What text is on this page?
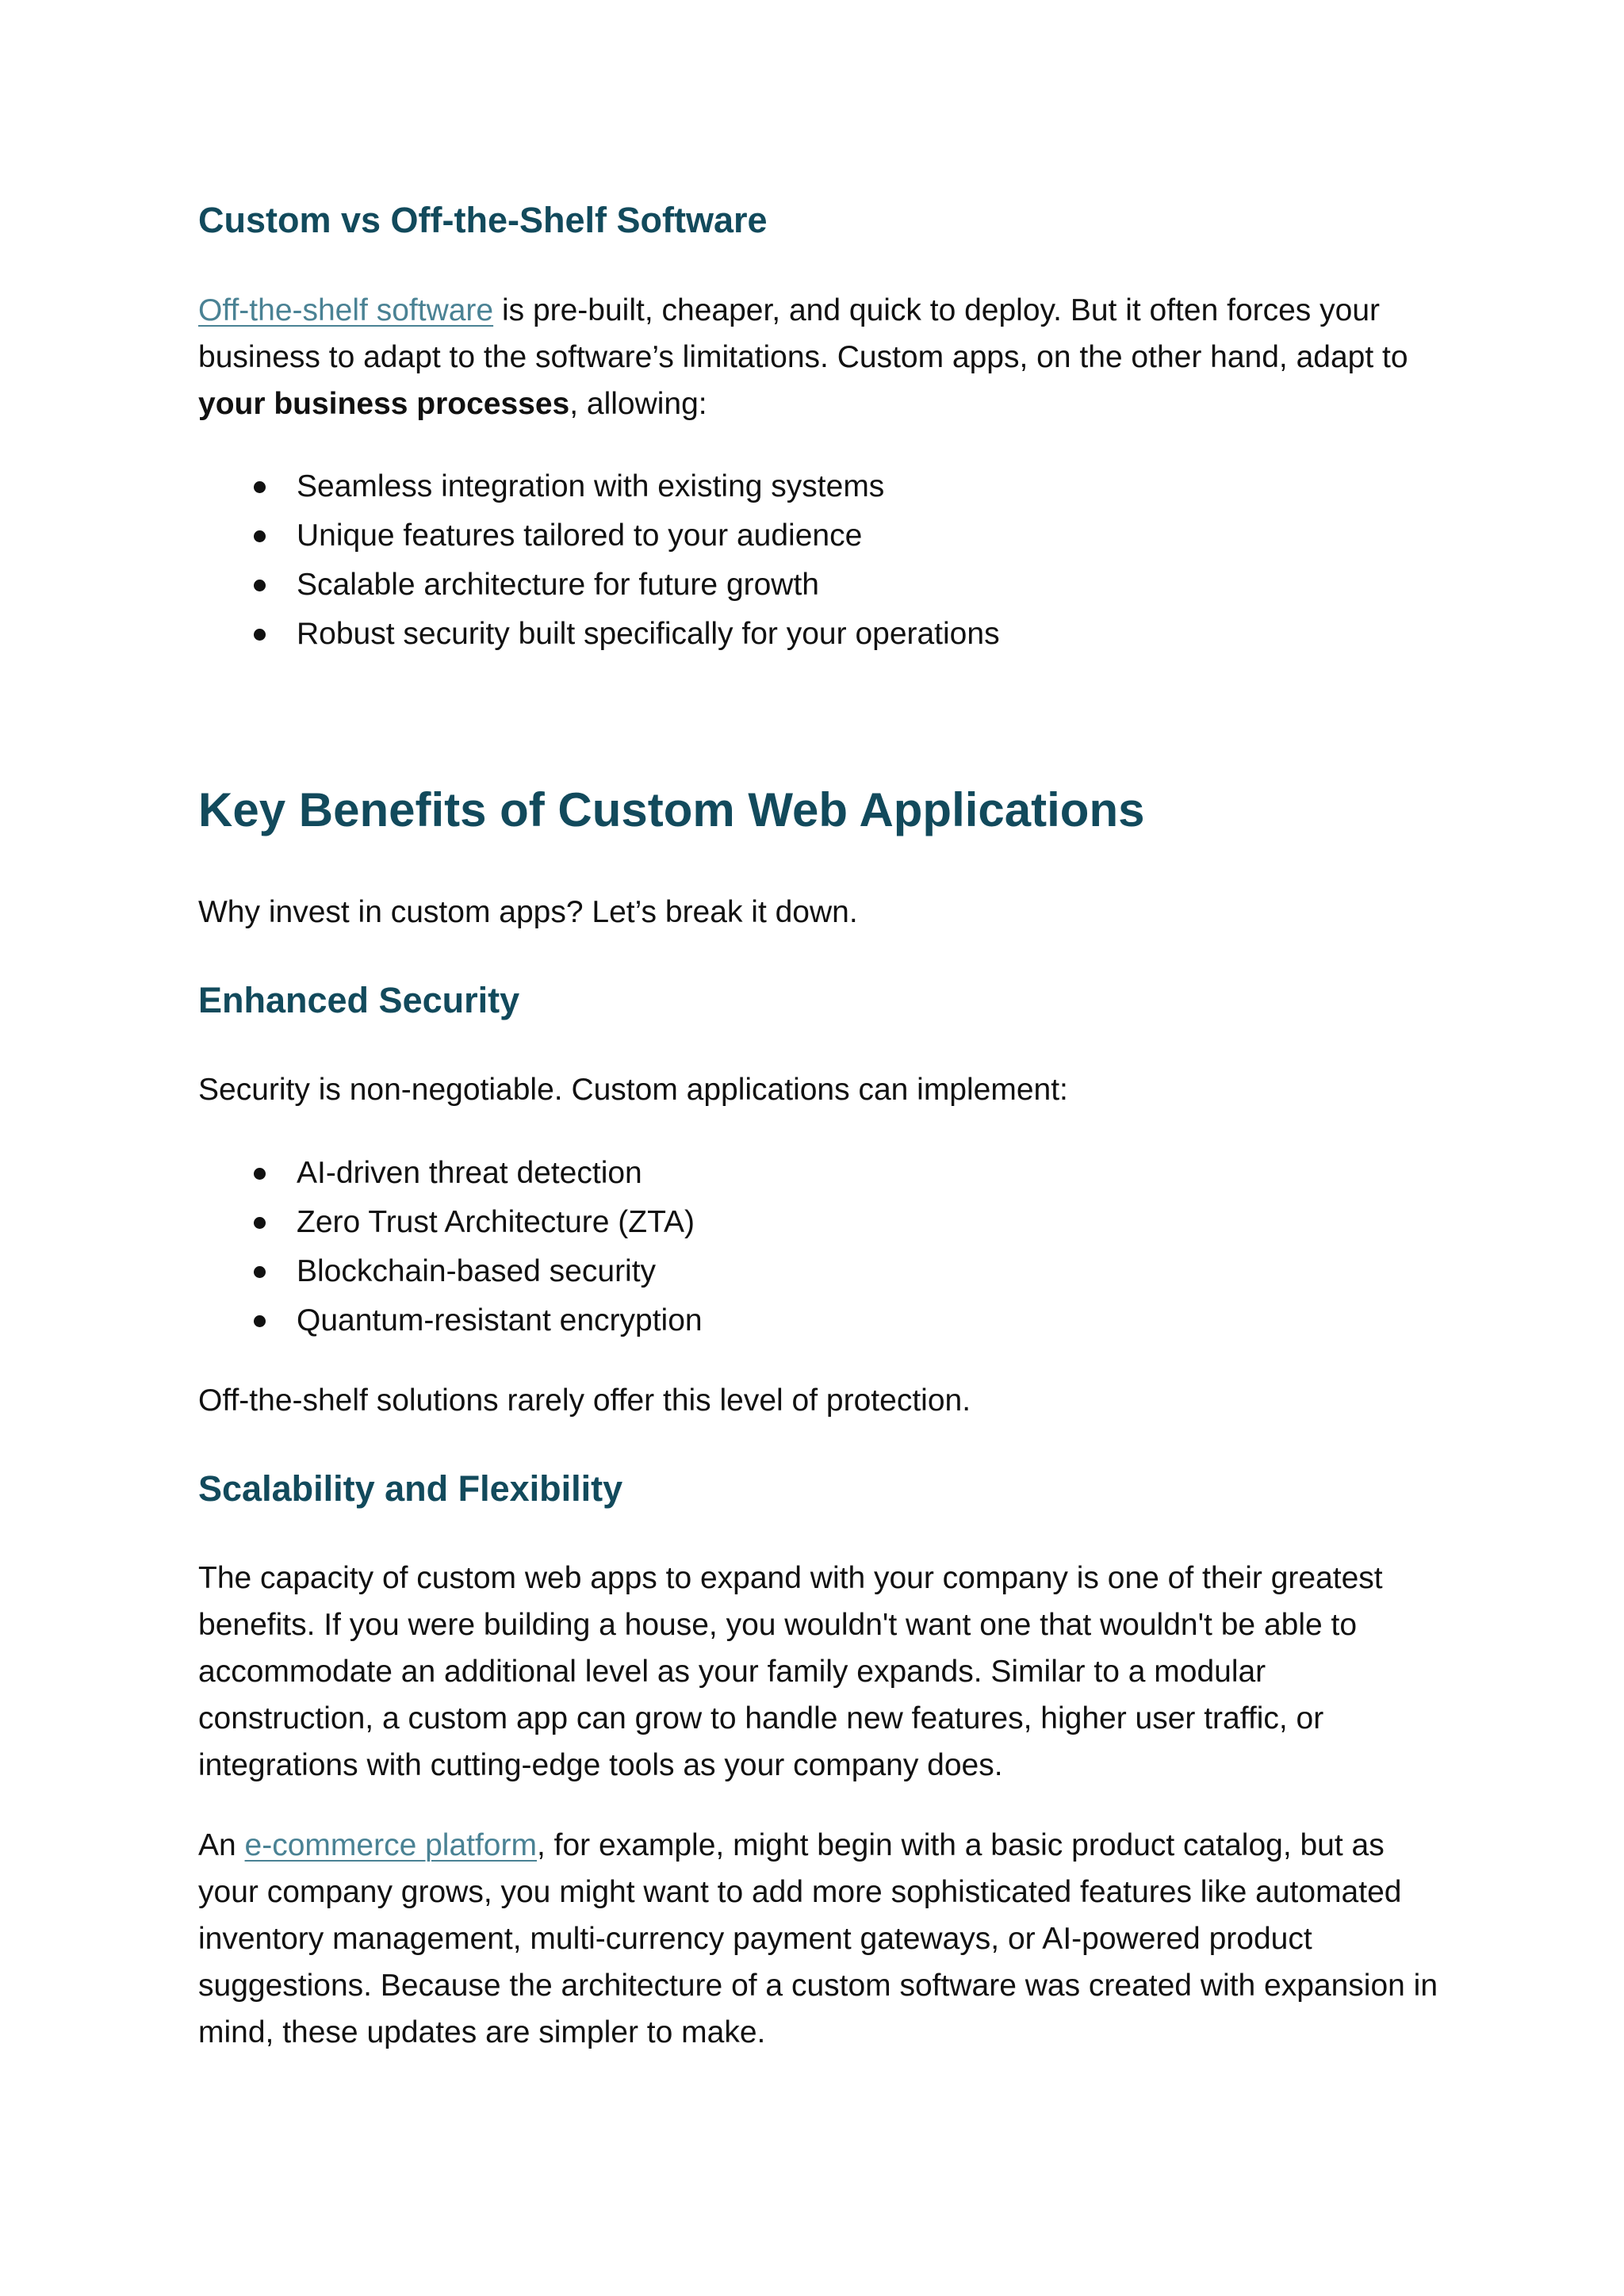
Custom vs Off-the-Shelf Software

Off-the-shelf software is pre-built, cheaper, and quick to deploy. But it often forces your business to adapt to the software’s limitations. Custom apps, on the other hand, adapt to your business processes, allowing:

Seamless integration with existing systems
Unique features tailored to your audience
Scalable architecture for future growth
Robust security built specifically for your operations
Key Benefits of Custom Web Applications

Why invest in custom apps? Let’s break it down.

Enhanced Security

Security is non-negotiable. Custom applications can implement:

AI-driven threat detection
Zero Trust Architecture (ZTA)
Blockchain-based security
Quantum-resistant encryption

Off-the-shelf solutions rarely offer this level of protection.

Scalability and Flexibility

The capacity of custom web apps to expand with your company is one of their greatest benefits. If you were building a house, you wouldn't want one that wouldn't be able to accommodate an additional level as your family expands. Similar to a modular construction, a custom app can grow to handle new features, higher user traffic, or integrations with cutting-edge tools as your company does.

An e-commerce platform, for example, might begin with a basic product catalog, but as your company grows, you might want to add more sophisticated features like automated inventory management, multi-currency payment gateways, or AI-powered product suggestions. Because the architecture of a custom software was created with expansion in mind, these updates are simpler to make.
